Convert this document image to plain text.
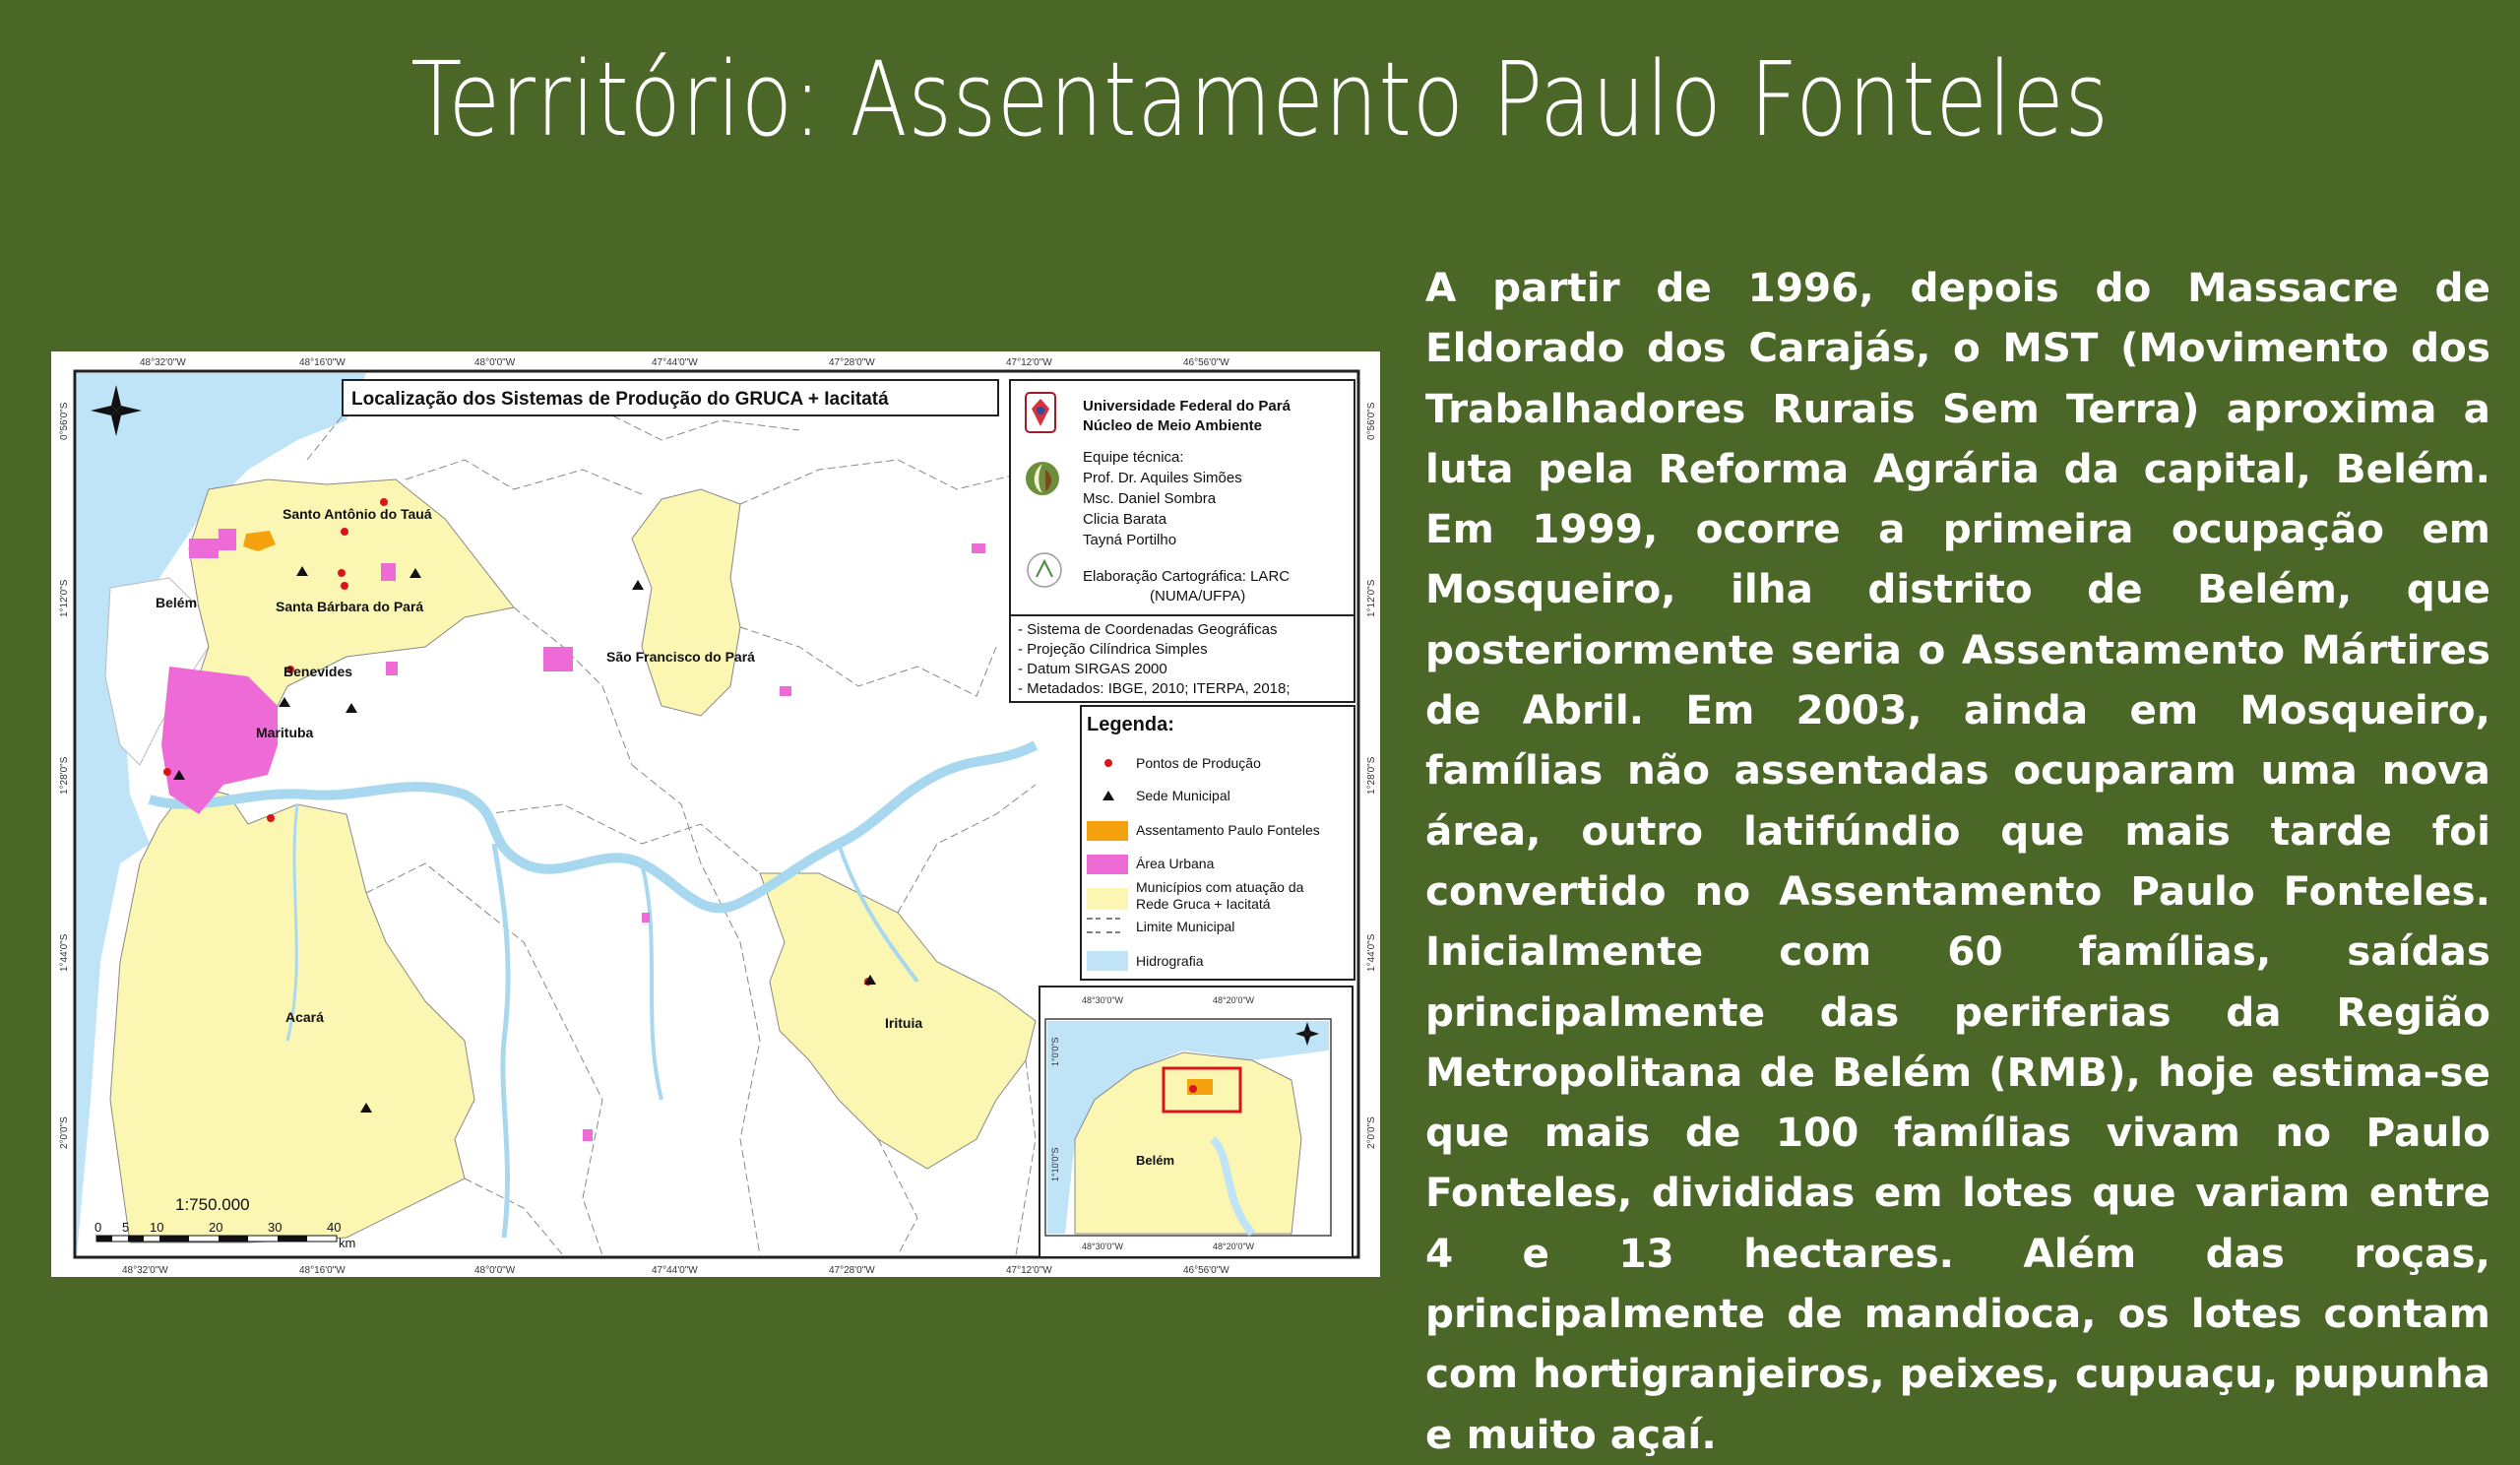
Território: Assentamento Paulo Fonteles
48°32'0"W	48°16'0"W	48°0'0"W	47°44'0"W	47°28'0"W	47°12'0"W	46°56'0"W
48°32'0"W	48°16'0"W	48°0'0"W	47°44'0"W	47°28'0"W	47°12'0"W	46°56'0"W
0°56'0"S
1°12'0"S
1°28'0"S
1°44'0"S
2°0'0"S
0°56'0"S
1°12'0"S
1°28'0"S
1°44'0"S
2°0'0"S
Santo Antônio do Tauá
Belém	Santa Bárbara do Pará
Benevides
Marituba
São Francisco do Pará
Acará	Irituia
Localização dos Sistemas de Produção do GRUCA + Iacitatá	Universidade Federal do Pará
Núcleo de Meio Ambiente
Equipe técnica:
Prof. Dr. Aquiles Simões
Msc. Daniel Sombra
Clicia Barata
Tayná Portilho
Elaboração Cartográfica: LARC
(NUMA/UFPA)
- Sistema de Coordenadas Geográficas
- Projeção Cilíndrica Simples
- Datum SIRGAS 2000
- Metadados: IBGE, 2010; ITERPA, 2018;
Legenda:
Pontos de Produção
Sede Municipal
Assentamento Paulo Fonteles
Área Urbana
Municípios com atuação da
Rede Gruca + Iacitatá
Limite Municipal
Hidrografia
Belém
48°30'0"W	48°20'0"W
48°30'0"W	48°20'0"W
1°0'0"S
1°10'0"S
1:750.000
0 5 10	20	30	40
km

A partir de 1996, depois do Massacre de Eldorado dos Carajás, o MST (Movimento dos Trabalhadores Rurais Sem Terra) aproxima a luta pela Reforma Agrária da capital, Belém. Em 1999, ocorre a primeira ocupação em Mosqueiro, ilha distrito de Belém, que posteriormente seria o Assentamento Mártires de Abril. Em 2003, ainda em Mosqueiro, famílias não assentadas ocuparam uma nova área, outro latifúndio que mais tarde foi convertido no Assentamento Paulo Fonteles. Inicialmente com 60 famílias, saídas principalmente das periferias da Região Metropolitana de Belém (RMB), hoje estima-se que mais de 100 famílias vivam no Paulo Fonteles, divididas em lotes que variam entre 4 e 13 hectares. Além das roças, principalmente de mandioca, os lotes contam com hortigranjeiros, peixes, cupuaçu, pupunha e muito açaí.
